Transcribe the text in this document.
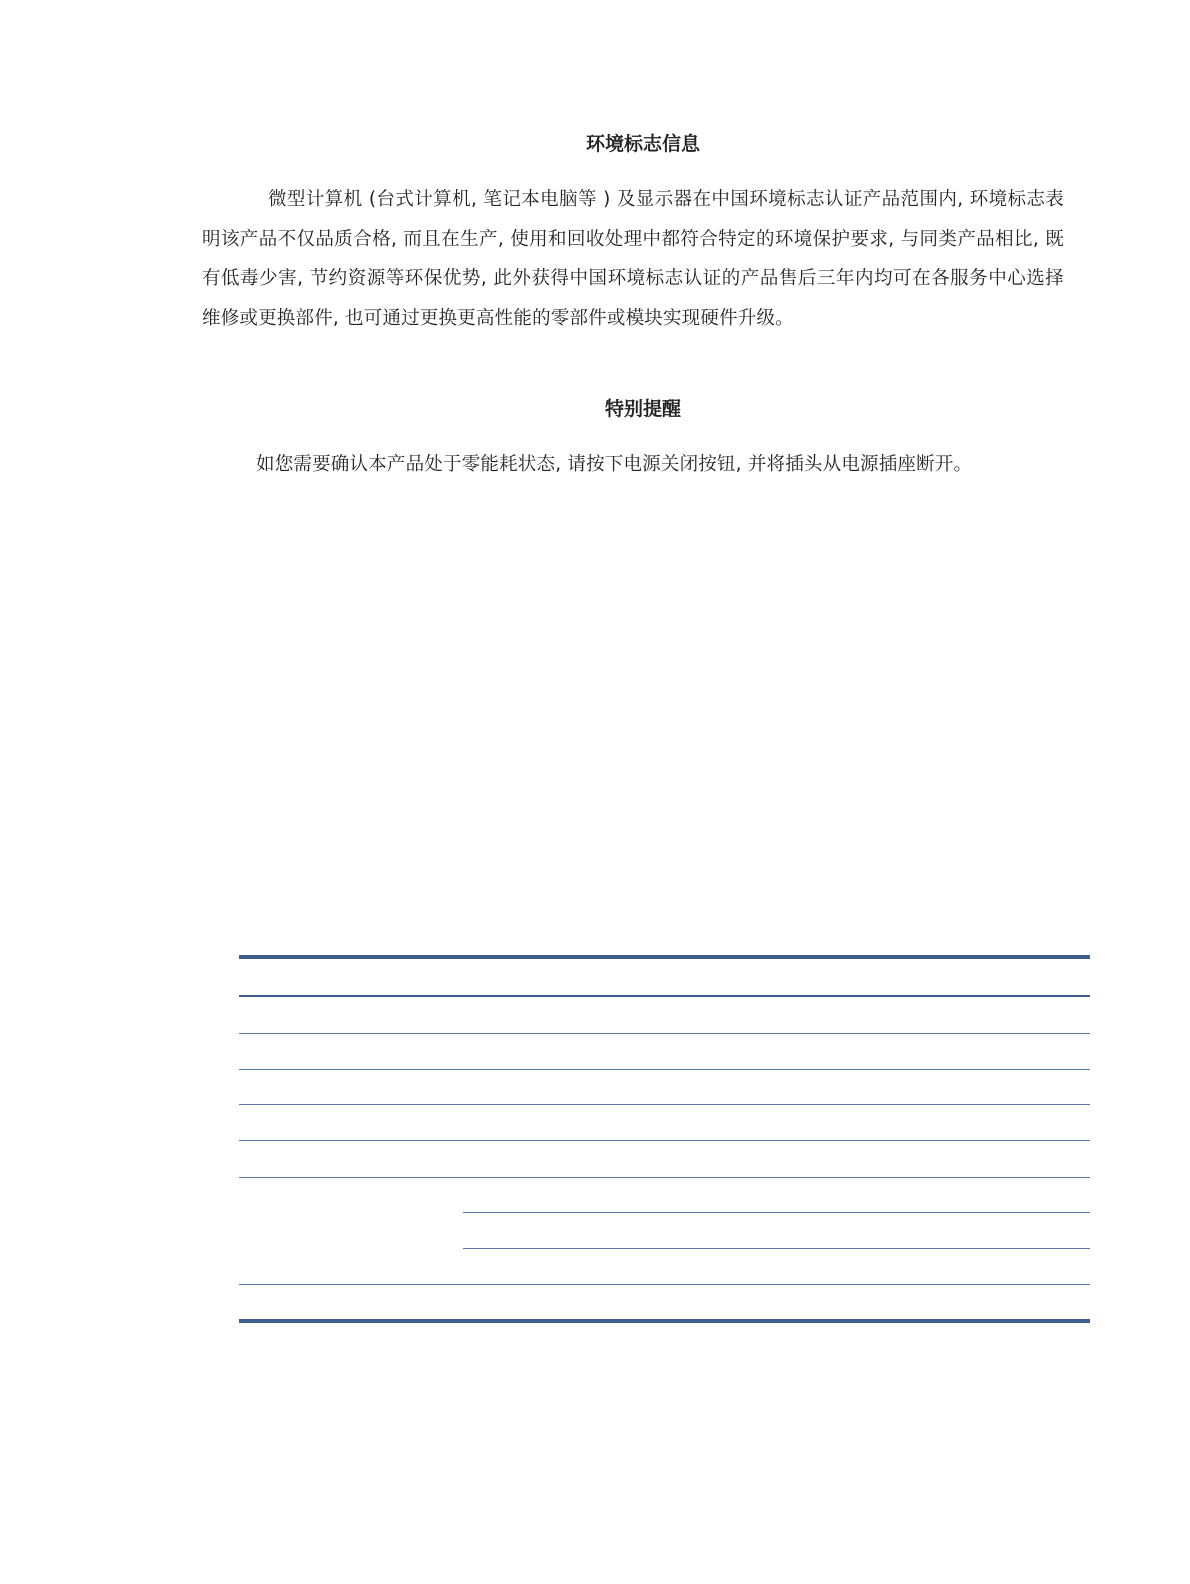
环境标志信息

微型计算机 (台式计算机, 笔记本电脑等 ) 及显示器在中国环境标志认证产品范围内, 环境标志表明该产品不仅品质合格, 而且在生产, 使用和回收处理中都符合特定的环境保护要求, 与同类产品相比, 既有低毒少害, 节约资源等环保优势, 此外获得中国环境标志认证的产品售后三年内均可在各服务中心选择维修或更换部件, 也可通过更换更高性能的零部件或模块实现硬件升级。

特别提醒

如您需要确认本产品处于零能耗状态, 请按下电源关闭按钮, 并将插头从电源插座断开。
